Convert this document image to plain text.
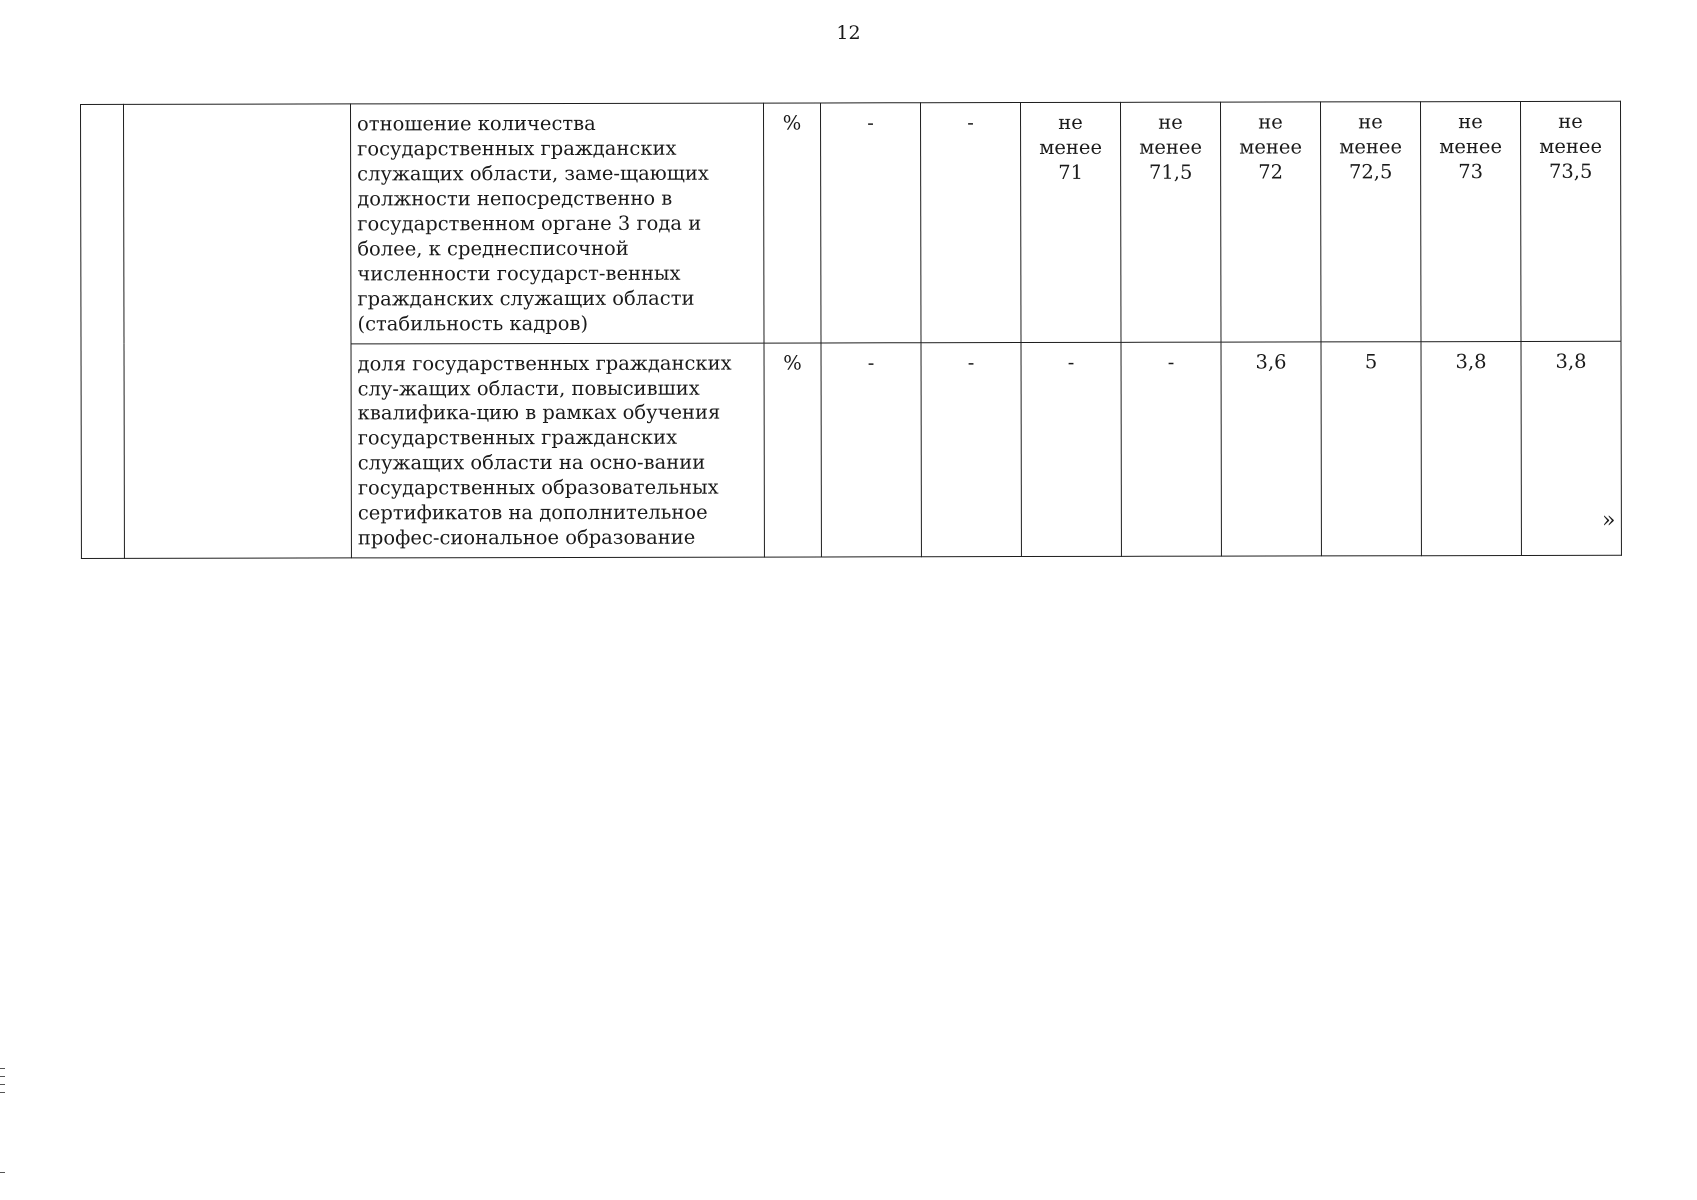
12
		отношение количества государственных гражданских служащих области, заме-щающих должности непосредственно в государственном органе 3 года и более, к среднесписочной численности государст-венных гражданских служащих области (стабильность кадров)	%	-	-	не менее 71	не менее 71,5	не менее 72	не менее 72,5	не менее 73	не менее 73,5
		доля государственных гражданских слу-жащих области, повысивших квалифика-цию в рамках обучения государственных гражданских служащих области на осно-вании государственных образовательных сертификатов на дополнительное профес-сиональное образование	%	-	-	-	-	3,6	5	3,8	3,8
»
